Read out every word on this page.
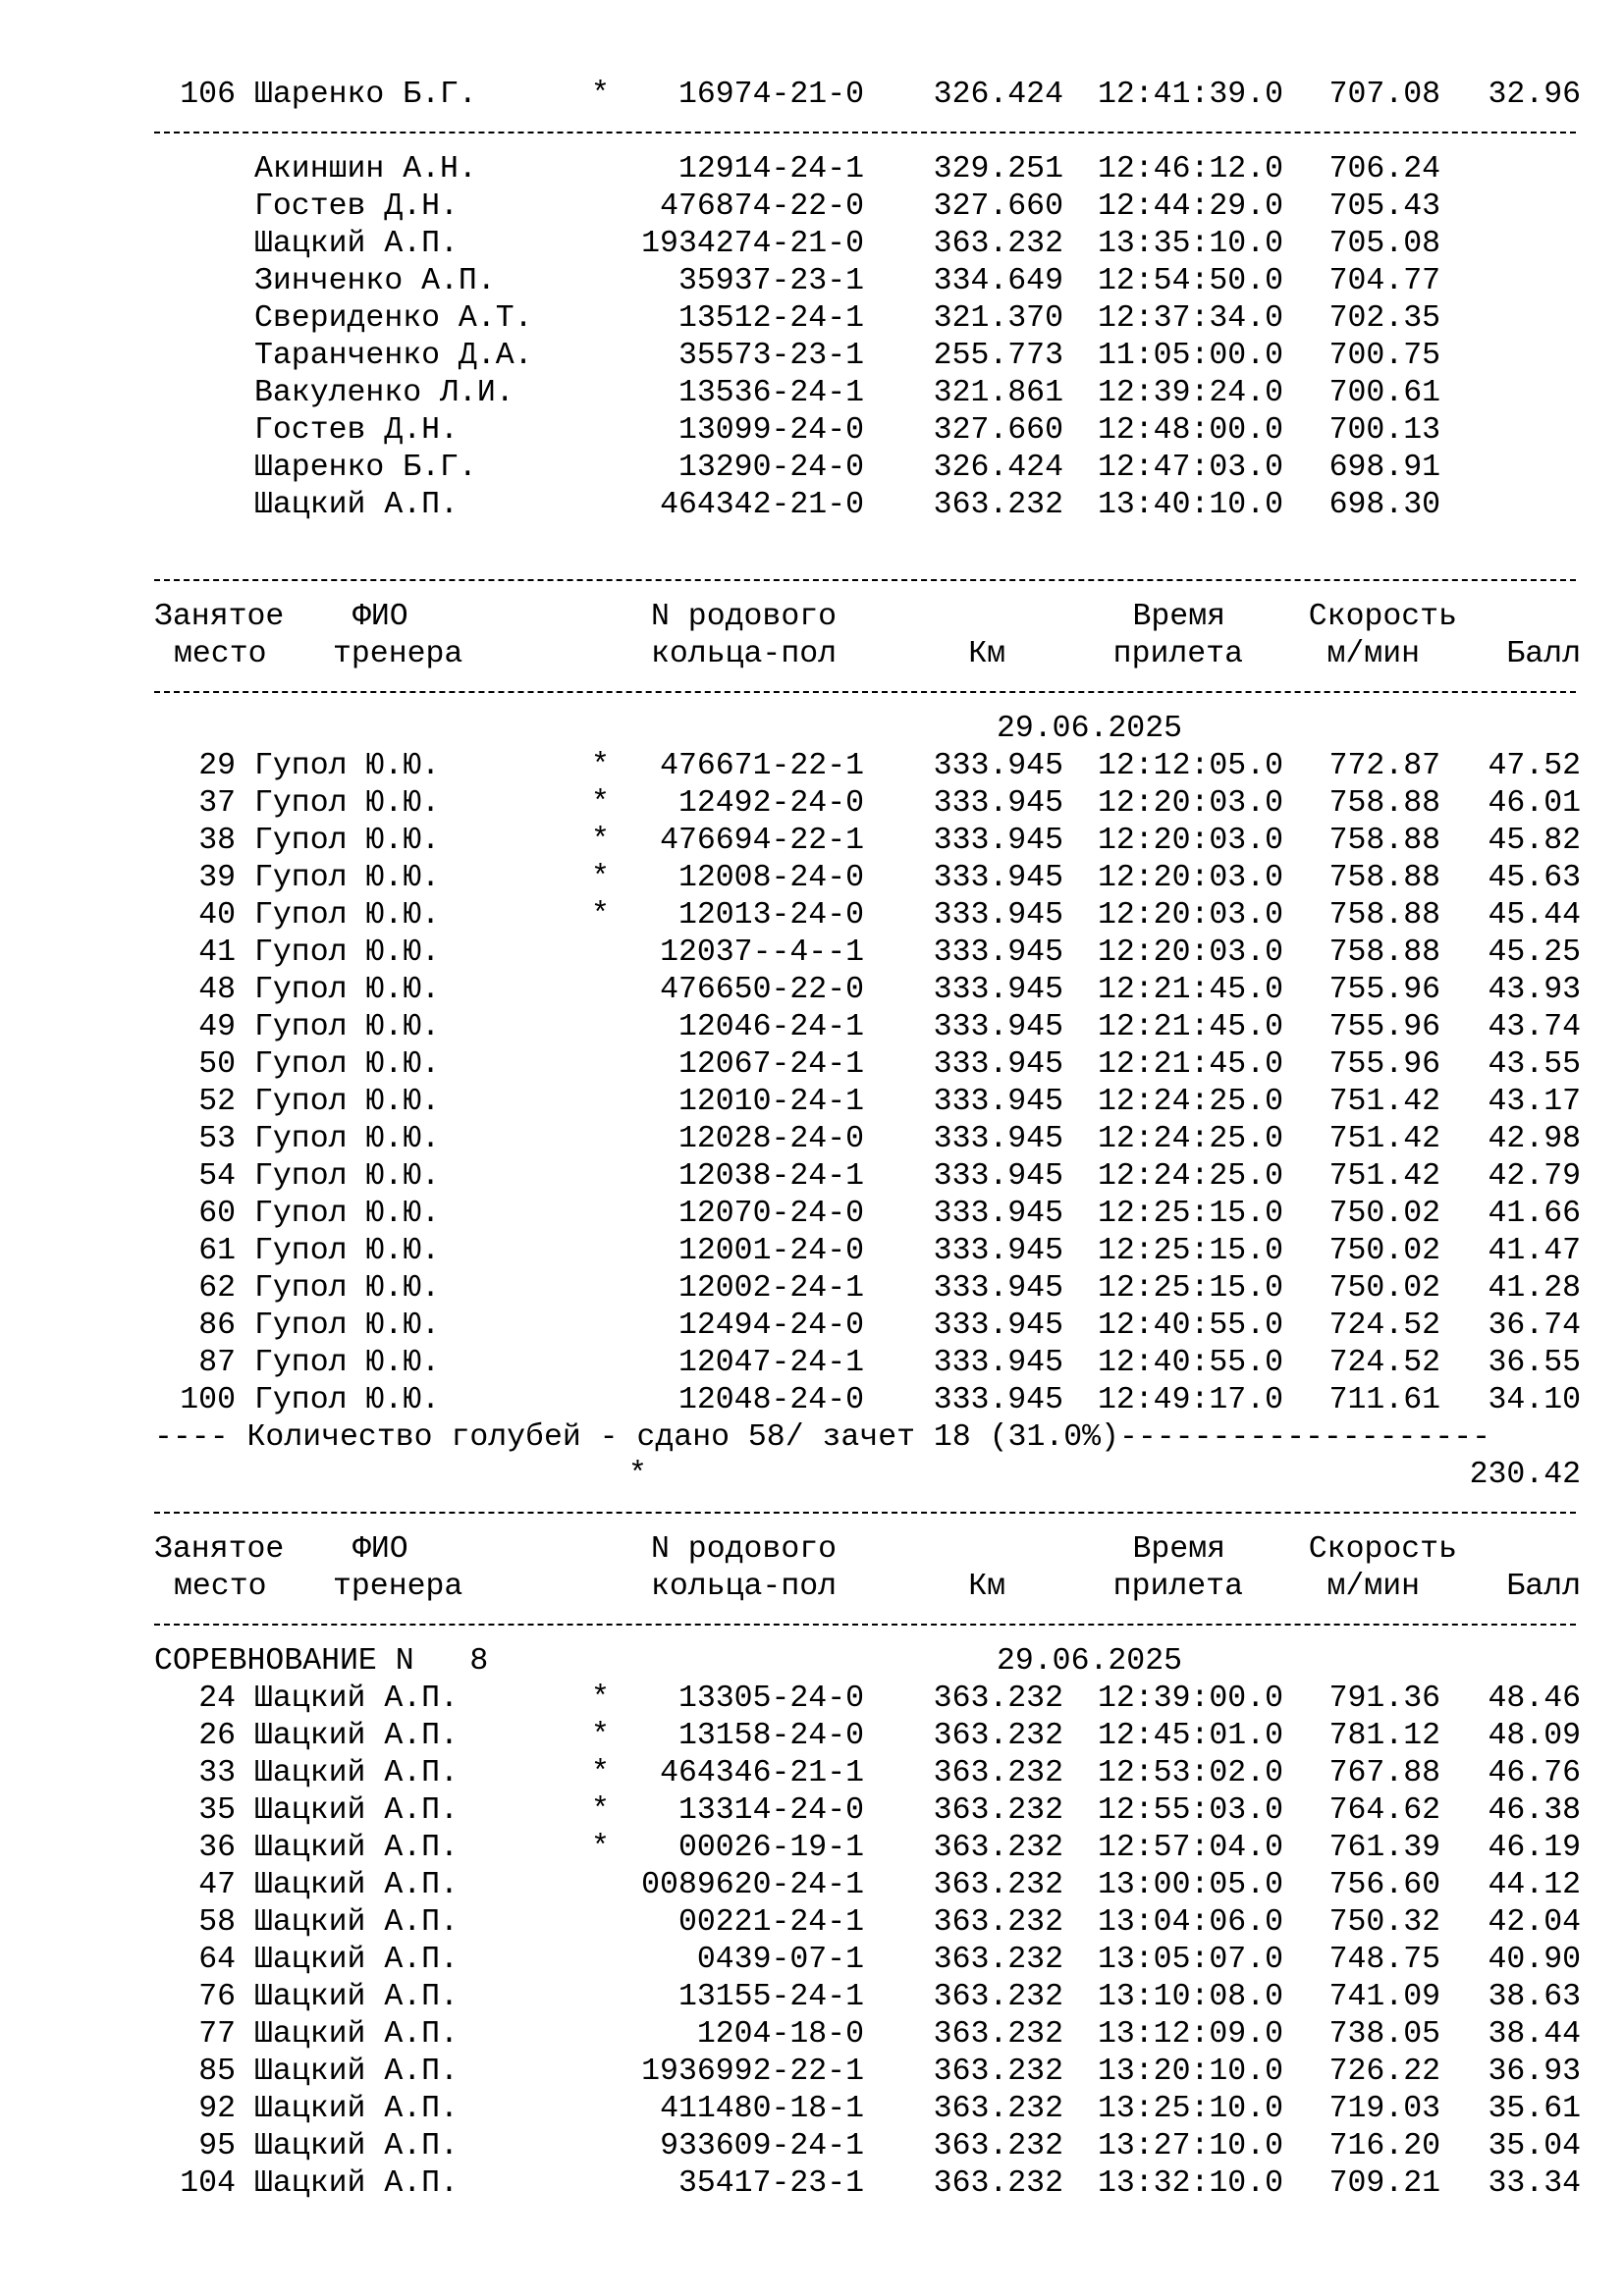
106 Шаренко Б.Г.	* 16974-21-0 326.424 12:41:39.0 707.08 32.96
Акиншин А.Н.	12914-24-1 329.251 12:46:12.0 706.24
Гостев Д.Н.	476874-22-0 327.660 12:44:29.0 705.43
Шацкий А.П.	1934274-21-0 363.232 13:35:10.0 705.08
Зинченко А.П.	35937-23-1 334.649 12:54:50.0 704.77
Свериденко А.Т.	13512-24-1 321.370 12:37:34.0 702.35
Таранченко Д.А.	35573-23-1 255.773 11:05:00.0 700.75
Вакуленко Л.И.	13536-24-1 321.861 12:39:24.0 700.61
Гостев Д.Н.	13099-24-0 327.660 12:48:00.0 700.13
Шаренко Б.Г.	13290-24-0 326.424 12:47:03.0 698.91
Шацкий А.П.	464342-21-0 363.232 13:40:10.0 698.30
Занятое ФИО	N родового	Время	Скорость
место тренера	кольца-пол	Км	прилета	м/мин	Балл
29.06.2025
29 Гупол Ю.Ю.	* 476671-22-1 333.945 12:12:05.0 772.87 47.52
37 Гупол Ю.Ю.	* 12492-24-0 333.945 12:20:03.0 758.88 46.01
38 Гупол Ю.Ю.	* 476694-22-1 333.945 12:20:03.0 758.88 45.82
39 Гупол Ю.Ю.	* 12008-24-0 333.945 12:20:03.0 758.88 45.63
40 Гупол Ю.Ю.	* 12013-24-0 333.945 12:20:03.0 758.88 45.44
41 Гупол Ю.Ю.	12037--4--1 333.945 12:20:03.0 758.88 45.25
48 Гупол Ю.Ю.	476650-22-0 333.945 12:21:45.0 755.96 43.93
49 Гупол Ю.Ю.	12046-24-1 333.945 12:21:45.0 755.96 43.74
50 Гупол Ю.Ю.	12067-24-1 333.945 12:21:45.0 755.96 43.55
52 Гупол Ю.Ю.	12010-24-1 333.945 12:24:25.0 751.42 43.17
53 Гупол Ю.Ю.	12028-24-0 333.945 12:24:25.0 751.42 42.98
54 Гупол Ю.Ю.	12038-24-1 333.945 12:24:25.0 751.42 42.79
60 Гупол Ю.Ю.	12070-24-0 333.945 12:25:15.0 750.02 41.66
61 Гупол Ю.Ю.	12001-24-0 333.945 12:25:15.0 750.02 41.47
62 Гупол Ю.Ю.	12002-24-1 333.945 12:25:15.0 750.02 41.28
86 Гупол Ю.Ю.	12494-24-0 333.945 12:40:55.0 724.52 36.74
87 Гупол Ю.Ю.	12047-24-1 333.945 12:40:55.0 724.52 36.55
100 Гупол Ю.Ю.	12048-24-0 333.945 12:49:17.0 711.61 34.10
---- Количество голубей - сдано 58/ зачет 18 (31.0%)--------------------
*	230.42
Занятое ФИО	N родового	Время	Скорость
место тренера	кольца-пол	Км	прилета	м/мин	Балл
СОРЕВНОВАНИЕ N   8	29.06.2025
24 Шацкий А.П.	* 13305-24-0 363.232 12:39:00.0 791.36 48.46
26 Шацкий А.П.	* 13158-24-0 363.232 12:45:01.0 781.12 48.09
33 Шацкий А.П.	* 464346-21-1 363.232 12:53:02.0 767.88 46.76
35 Шацкий А.П.	* 13314-24-0 363.232 12:55:03.0 764.62 46.38
36 Шацкий А.П.	* 00026-19-1 363.232 12:57:04.0 761.39 46.19
47 Шацкий А.П.	0089620-24-1 363.232 13:00:05.0 756.60 44.12
58 Шацкий А.П.	00221-24-1 363.232 13:04:06.0 750.32 42.04
64 Шацкий А.П.	0439-07-1 363.232 13:05:07.0 748.75 40.90
76 Шацкий А.П.	13155-24-1 363.232 13:10:08.0 741.09 38.63
77 Шацкий А.П.	1204-18-0 363.232 13:12:09.0 738.05 38.44
85 Шацкий А.П.	1936992-22-1 363.232 13:20:10.0 726.22 36.93
92 Шацкий А.П.	411480-18-1 363.232 13:25:10.0 719.03 35.61
95 Шацкий А.П.	933609-24-1 363.232 13:27:10.0 716.20 35.04
104 Шацкий А.П.	35417-23-1 363.232 13:32:10.0 709.21 33.34
